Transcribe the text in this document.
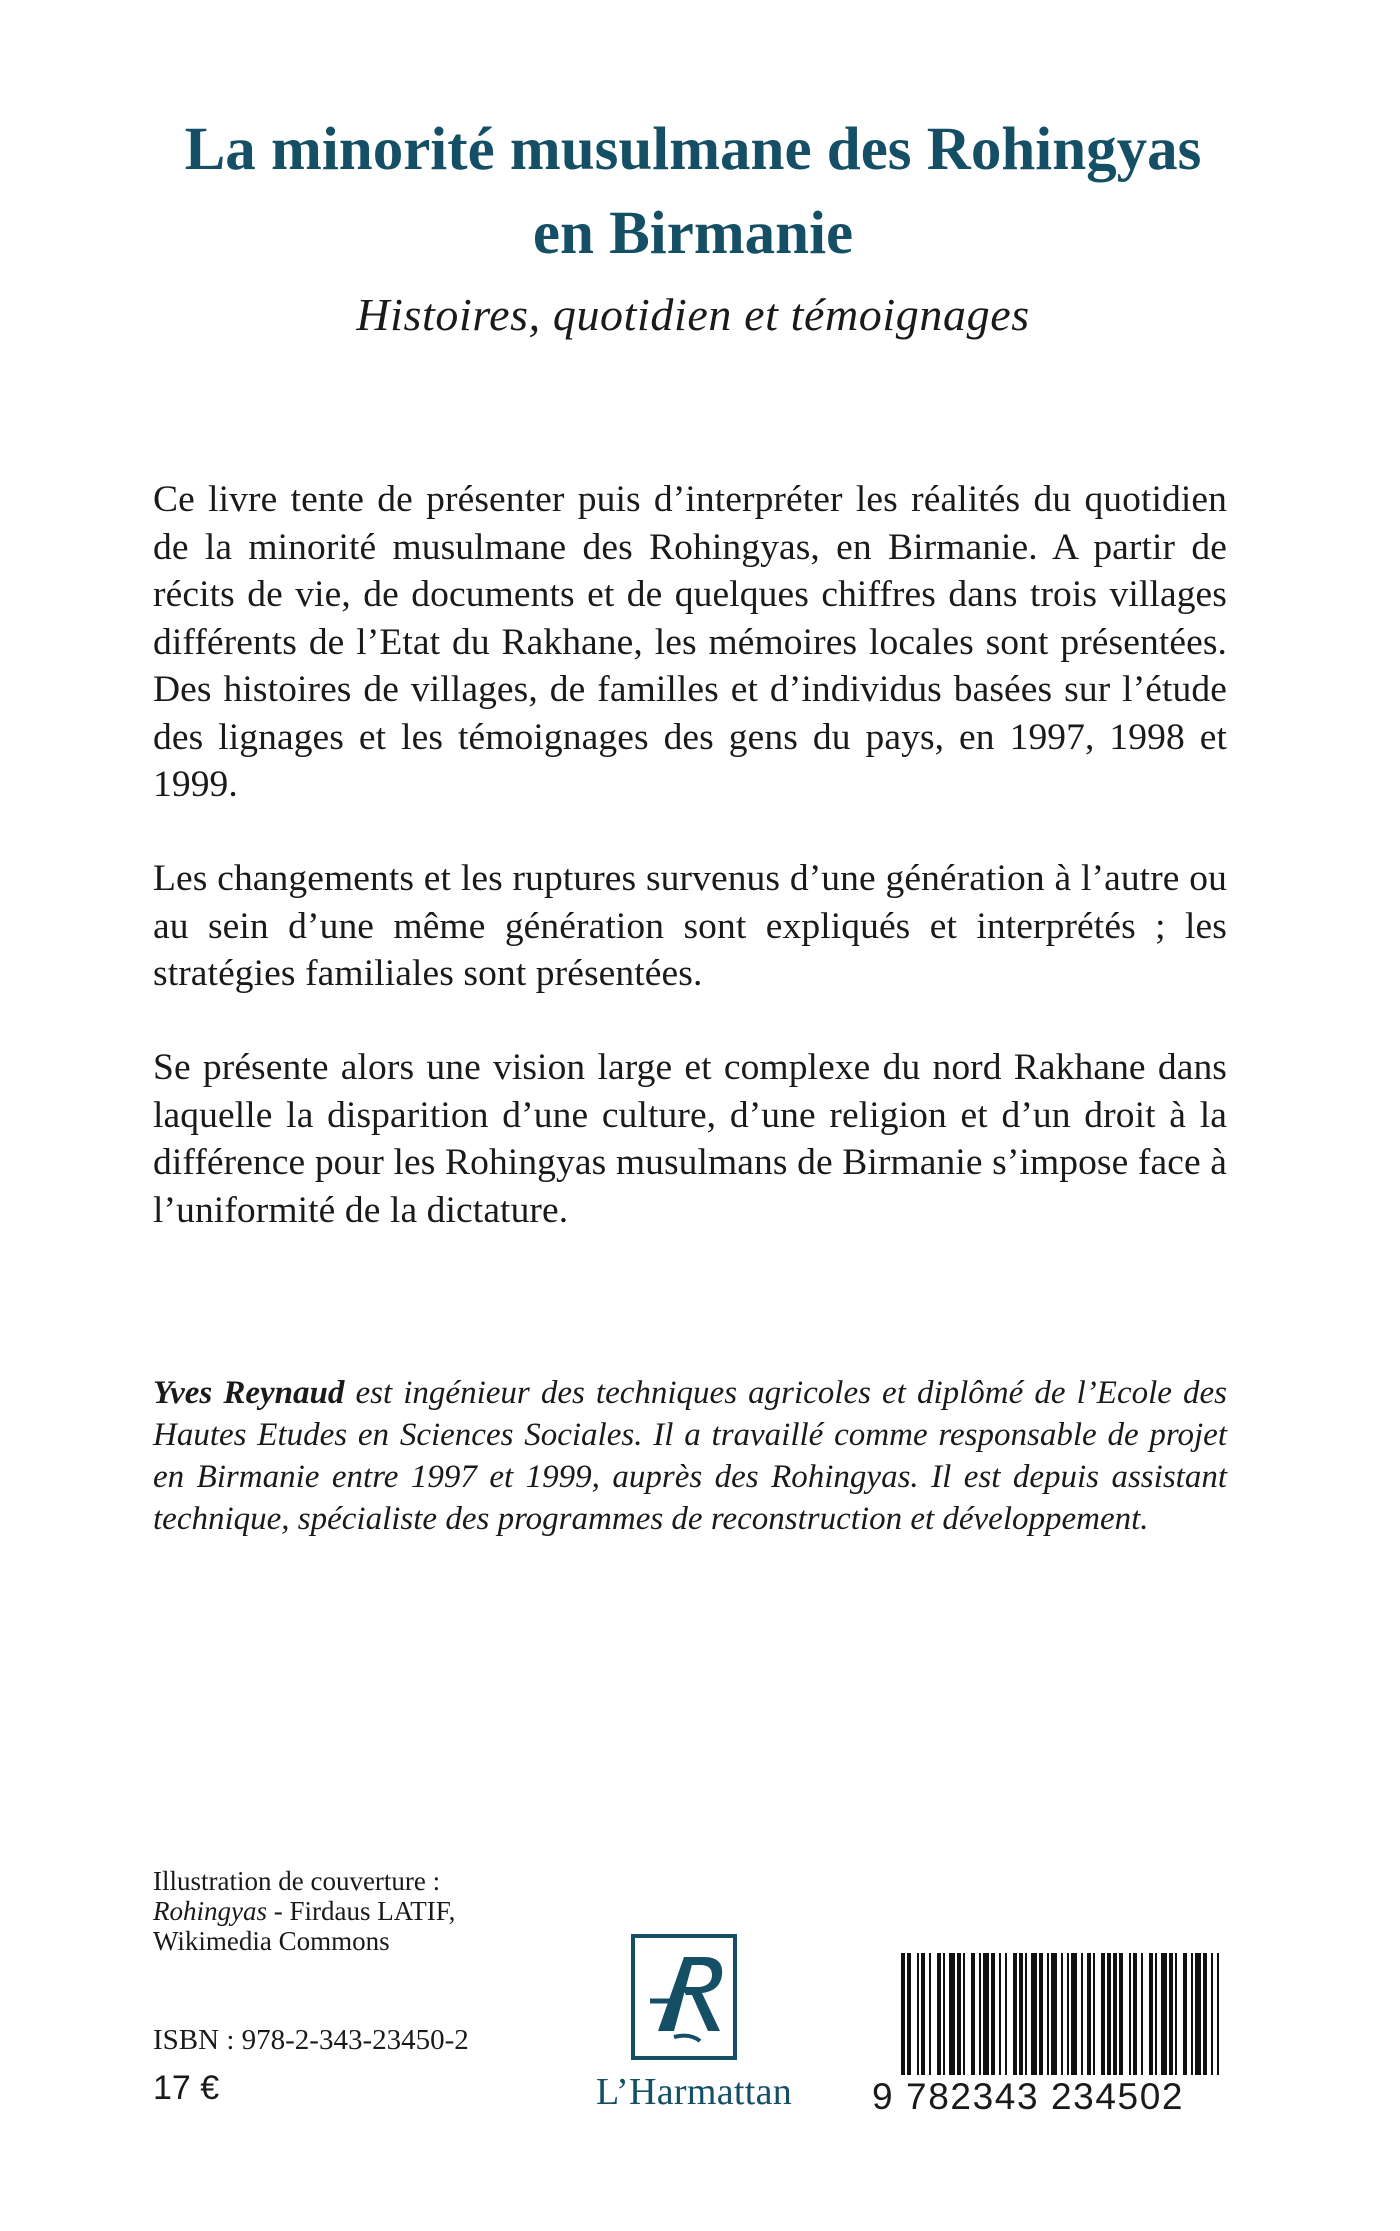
La minorité musulmane des Rohingyas
en Birmanie

Histoires, quotidien et témoignages

Ce livre tente de présenter puis d’interpréter les réalités du quotidien de la minorité musulmane des Rohingyas, en Birmanie. A partir de récits de vie, de documents et de quelques chiffres dans trois villages différents de l’Etat du Rakhane, les mémoires locales sont présentées. Des histoires de villages, de familles et d’individus basées sur l’étude des lignages et les témoignages des gens du pays, en 1997, 1998 et 1999.

Les changements et les ruptures survenus d’une génération à l’autre ou au sein d’une même génération sont expliqués et interprétés ; les stratégies familiales sont présentées.

Se présente alors une vision large et complexe du nord Rakhane dans laquelle la disparition d’une culture, d’une religion et d’un droit à la différence pour les Rohingyas musulmans de Birmanie s’impose face à l’uniformité de la dictature.

Yves Reynaud est ingénieur des techniques agricoles et diplômé de l’Ecole des Hautes Etudes en Sciences Sociales. Il a travaillé comme responsable de projet en Birmanie entre 1997 et 1999, auprès des Rohingyas. Il est depuis assistant technique, spécialiste des programmes de reconstruction et développement.

Illustration de couverture :
Rohingyas - Firdaus LATIF,
Wikimedia Commons

ISBN : 978-2-343-23450-2

17 €	L’Harmattan 9 782343 234502
